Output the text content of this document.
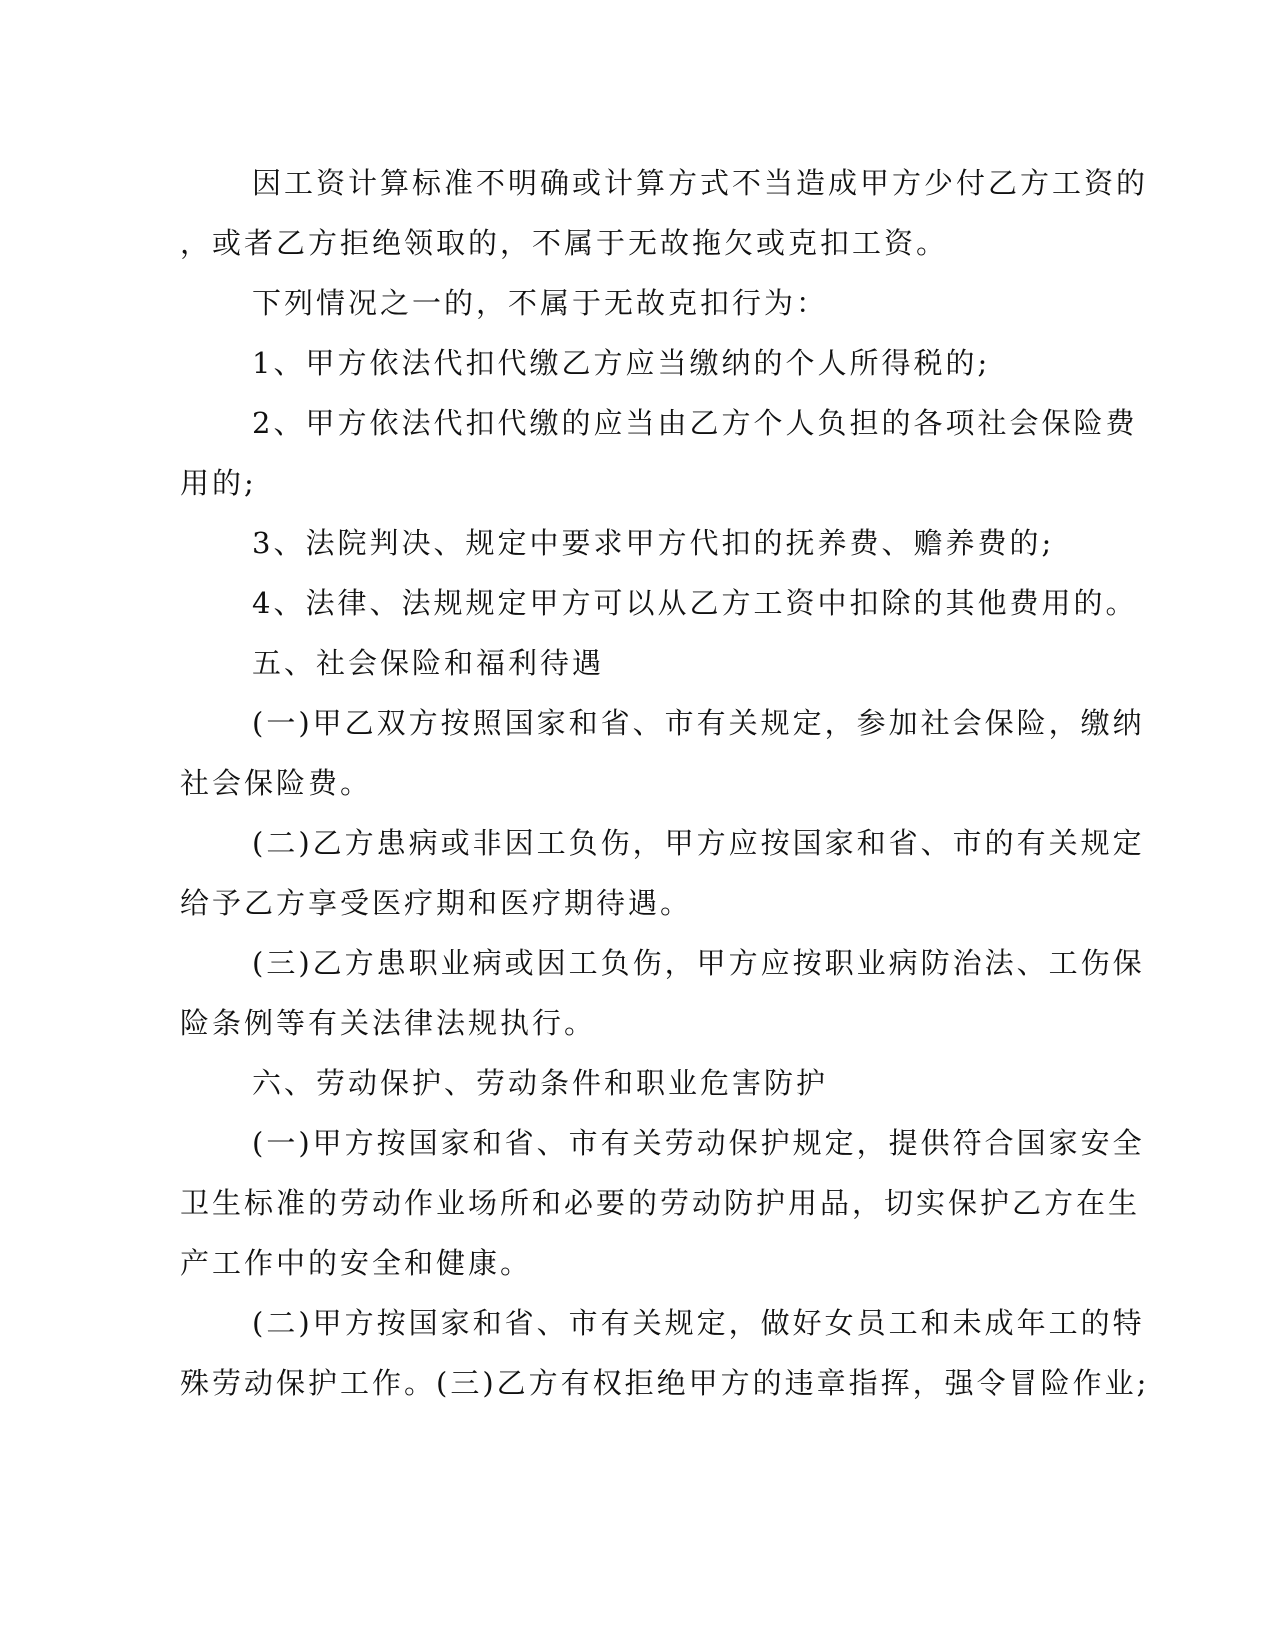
因工资计算标准不明确或计算方式不当造成甲方少付乙方工资的
，或者乙方拒绝领取的，不属于无故拖欠或克扣工资。
下列情况之一的，不属于无故克扣行为：
1、甲方依法代扣代缴乙方应当缴纳的个人所得税的;
2、甲方依法代扣代缴的应当由乙方个人负担的各项社会保险费
用的;
3、法院判决、规定中要求甲方代扣的抚养费、赡养费的;
4、法律、法规规定甲方可以从乙方工资中扣除的其他费用的。
五、社会保险和福利待遇
(一)甲乙双方按照国家和省、市有关规定，参加社会保险，缴纳
社会保险费。
(二)乙方患病或非因工负伤，甲方应按国家和省、市的有关规定
给予乙方享受医疗期和医疗期待遇。
(三)乙方患职业病或因工负伤，甲方应按职业病防治法、工伤保
险条例等有关法律法规执行。
六、劳动保护、劳动条件和职业危害防护
(一)甲方按国家和省、市有关劳动保护规定，提供符合国家安全
卫生标准的劳动作业场所和必要的劳动防护用品，切实保护乙方在生
产工作中的安全和健康。
(二)甲方按国家和省、市有关规定，做好女员工和未成年工的特
殊劳动保护工作。(三)乙方有权拒绝甲方的违章指挥，强令冒险作业;
